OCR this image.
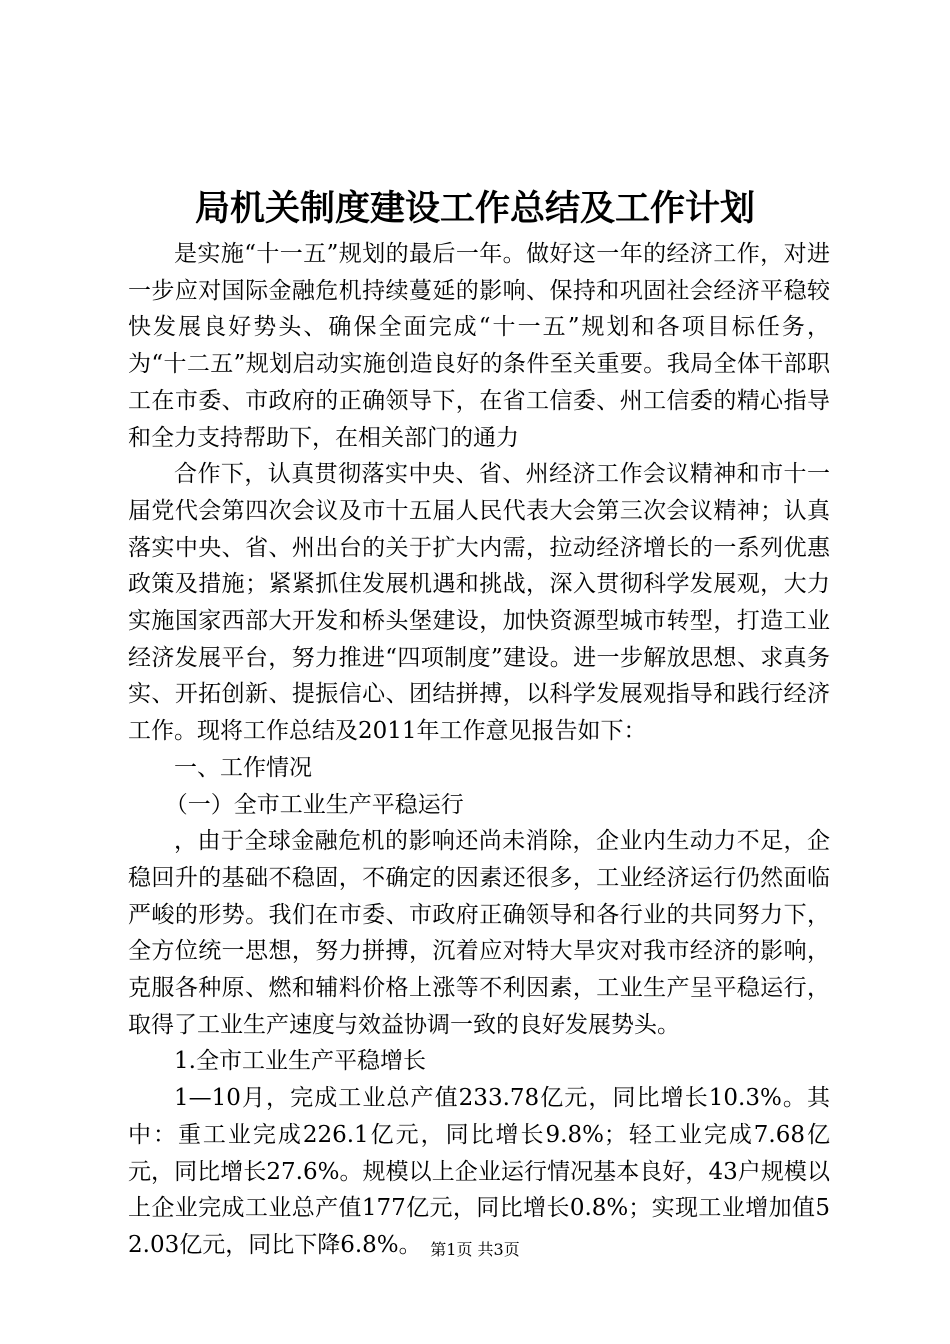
局机关制度建设工作总结及工作计划

是实施“十一五”规划的最后一年。做好这一年的经济工作，对进一步应对国际金融危机持续蔓延的影响、保持和巩固社会经济平稳较快发展良好势头、确保全面完成“十一五”规划和各项目标任务，为“十二五”规划启动实施创造良好的条件至关重要。我局全体干部职工在市委、市政府的正确领导下，在省工信委、州工信委的精心指导和全力支持帮助下，在相关部门的通力

合作下，认真贯彻落实中央、省、州经济工作会议精神和市十一届党代会第四次会议及市十五届人民代表大会第三次会议精神；认真落实中央、省、州出台的关于扩大内需，拉动经济增长的一系列优惠政策及措施；紧紧抓住发展机遇和挑战，深入贯彻科学发展观，大力实施国家西部大开发和桥头堡建设，加快资源型城市转型，打造工业经济发展平台，努力推进“四项制度”建设。进一步解放思想、求真务实、开拓创新、提振信心、团结拼搏，以科学发展观指导和践行经济工作。现将工作总结及2011年工作意见报告如下：

一、工作情况

（一）全市工业生产平稳运行

，由于全球金融危机的影响还尚未消除，企业内生动力不足，企稳回升的基础不稳固，不确定的因素还很多，工业经济运行仍然面临严峻的形势。我们在市委、市政府正确领导和各行业的共同努力下，全方位统一思想，努力拼搏，沉着应对特大旱灾对我市经济的影响，克服各种原、燃和辅料价格上涨等不利因素，工业生产呈平稳运行，取得了工业生产速度与效益协调一致的良好发展势头。

1.全市工业生产平稳增长

1—10月，完成工业总产值233.78亿元，同比增长10.3%。其中：重工业完成226.1亿元，同比增长9.8%；轻工业完成7.68亿元，同比增长27.6%。规模以上企业运行情况基本良好，43户规模以上企业完成工业总产值177亿元，同比增长0.8%；实现工业增加值52.03亿元，同比下降6.8%。 第1页 共3页
